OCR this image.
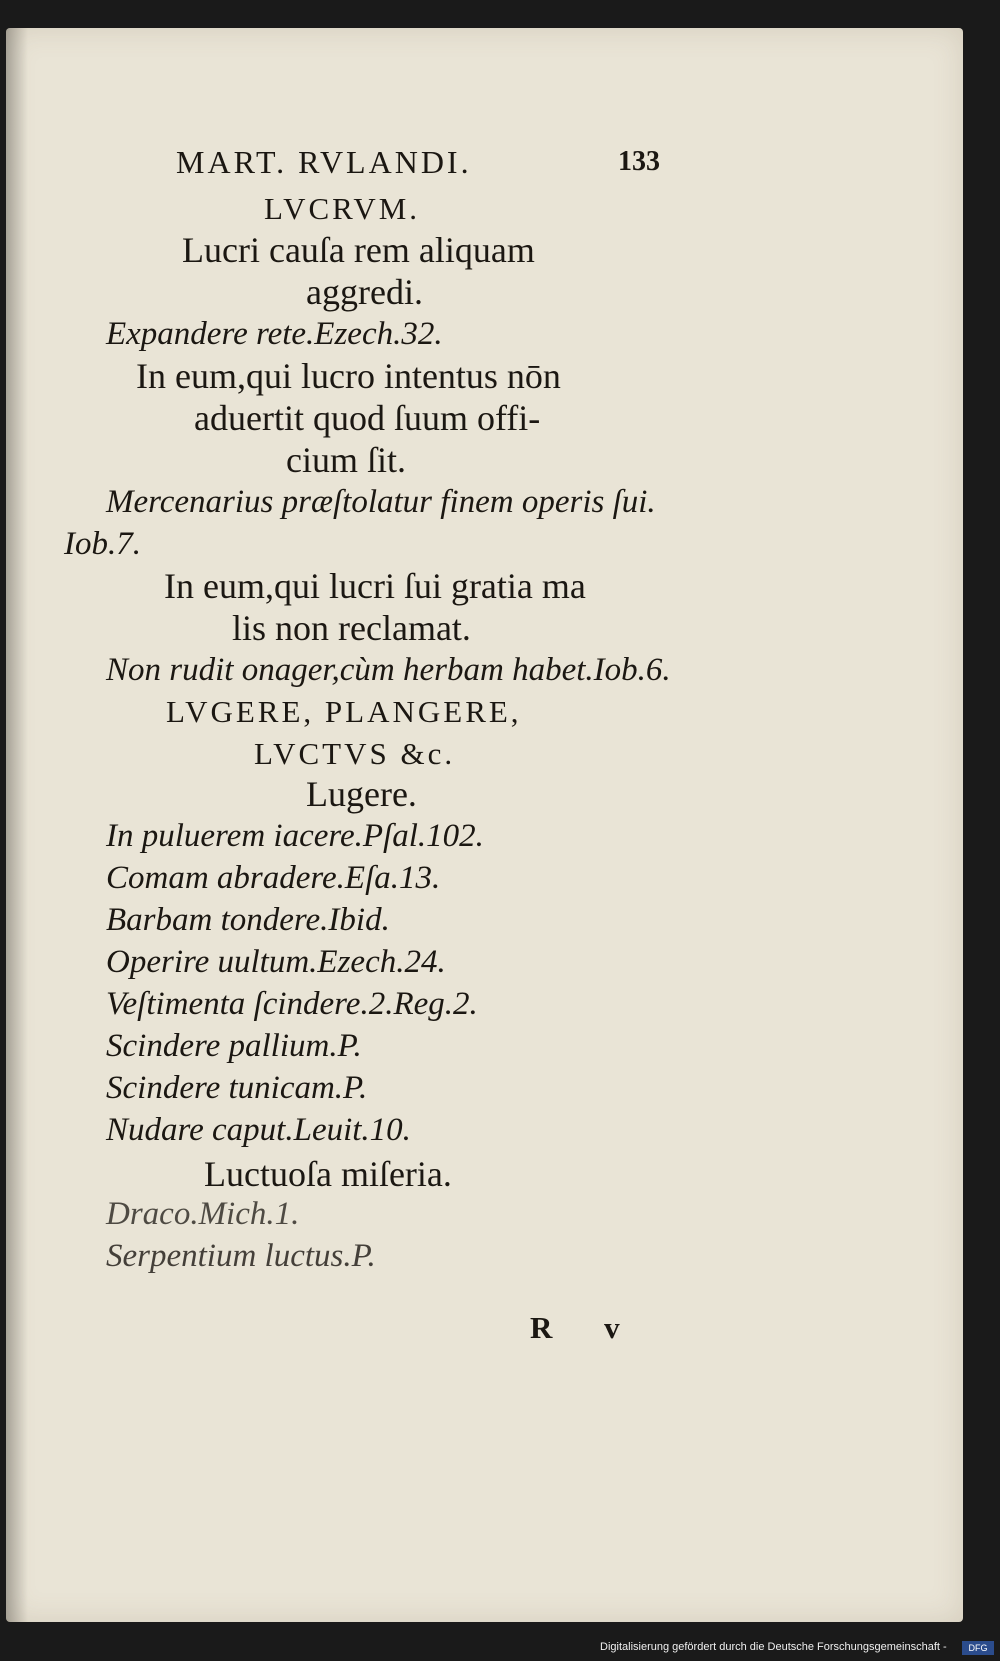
MART. RVLANDI.	133
LVCRVM.
Lucri cauſa rem aliquam
aggredi.
Expandere rete.Ezech.32.
In eum,qui lucro intentus nōn
aduertit quod ſuum offi-
cium ſit.
Mercenarius præſtolatur finem operis ſui.
Iob.7.
In eum,qui lucri ſui gratia ma
lis non reclamat.
Non rudit onager,cùm herbam habet.Iob.6.
LVGERE, PLANGERE,
LVCTVS &c.
Lugere.
In puluerem iacere.Pſal.102.
Comam abradere.Eſa.13.
Barbam tondere.Ibid.
Operire uultum.Ezech.24.
Veſtimenta ſcindere.2.Reg.2.
Scindere pallium.P.
Scindere tunicam.P.
Nudare caput.Leuit.10.
Luctuoſa miſeria.
Draco.Mich.1.
Serpentium luctus.P.
R v
Digitalisierung gefördert durch die Deutsche Forschungsgemeinschaft -	DFG
